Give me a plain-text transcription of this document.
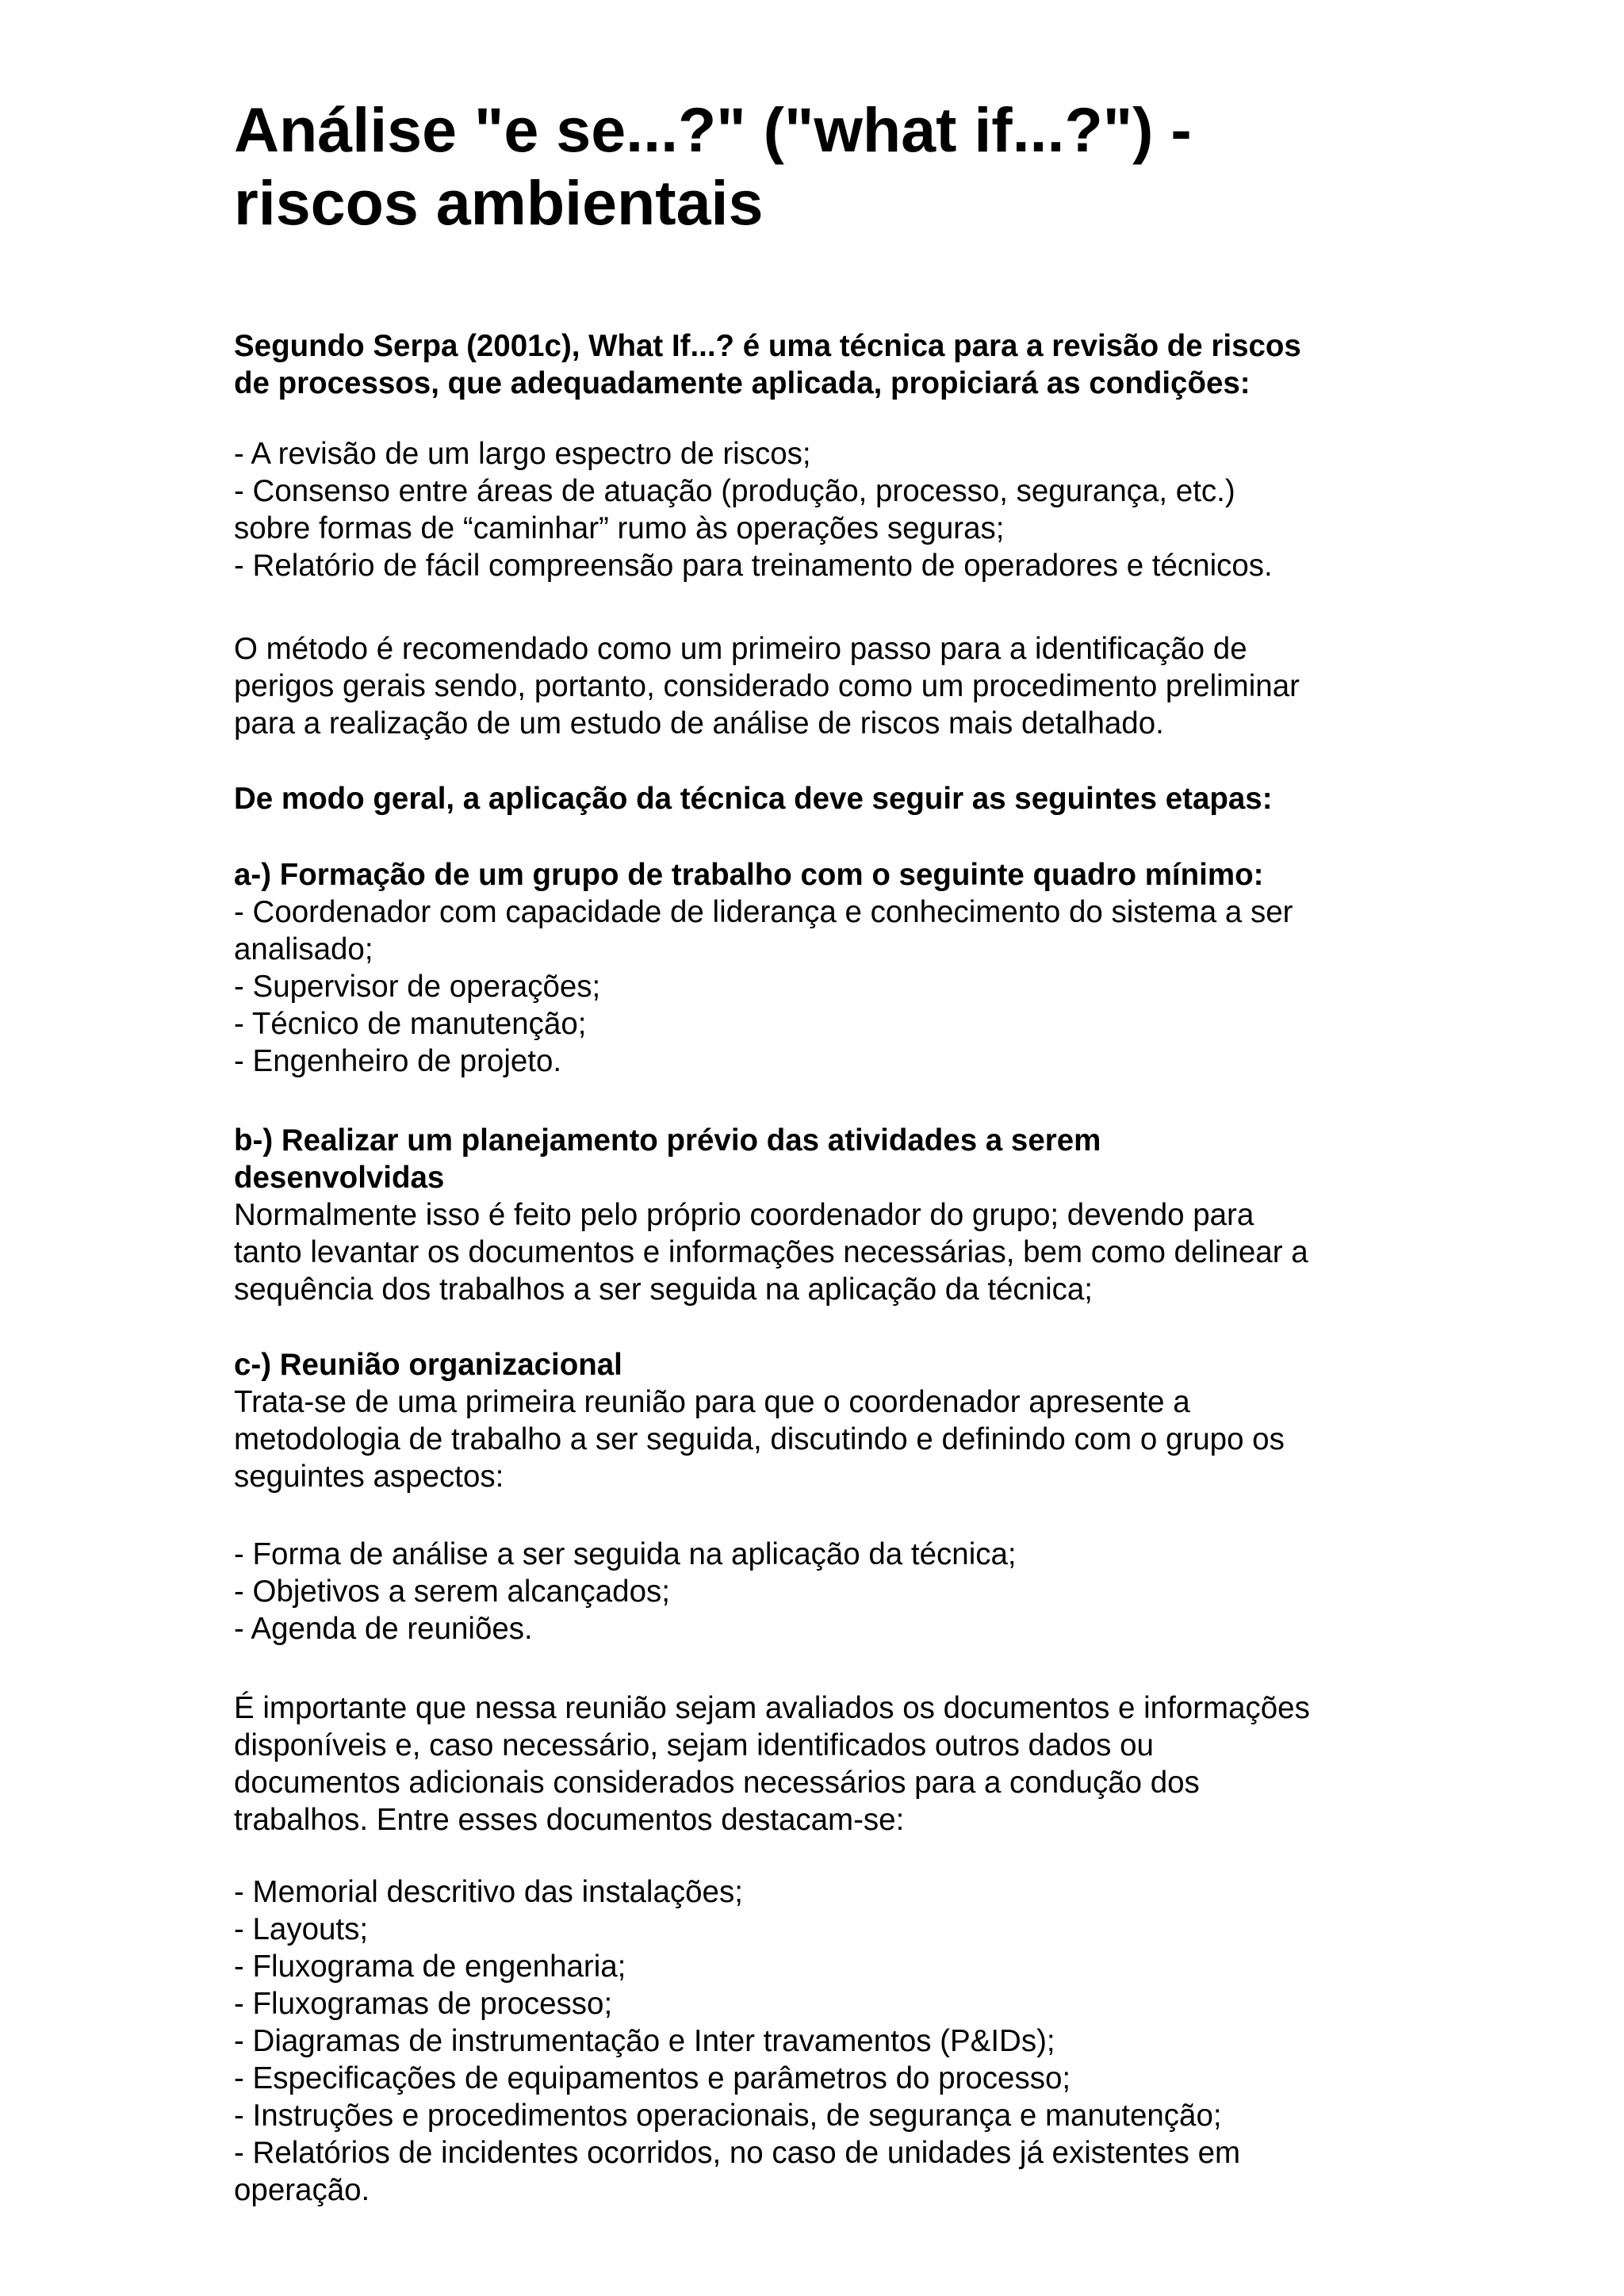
Análise "e se...?" ("what if...?") -
riscos ambientais
Segundo Serpa (2001c), What If...? é uma técnica para a revisão de riscos
de processos, que adequadamente aplicada, propiciará as condições:
- A revisão de um largo espectro de riscos;
- Consenso entre áreas de atuação (produção, processo, segurança, etc.)
sobre formas de “caminhar” rumo às operações seguras;
- Relatório de fácil compreensão para treinamento de operadores e técnicos.
O método é recomendado como um primeiro passo para a identificação de
perigos gerais sendo, portanto, considerado como um procedimento preliminar
para a realização de um estudo de análise de riscos mais detalhado.
De modo geral, a aplicação da técnica deve seguir as seguintes etapas:
a-) Formação de um grupo de trabalho com o seguinte quadro mínimo:
- Coordenador com capacidade de liderança e conhecimento do sistema a ser
analisado;
- Supervisor de operações;
- Técnico de manutenção;
- Engenheiro de projeto.
b-) Realizar um planejamento prévio das atividades a serem
desenvolvidas
Normalmente isso é feito pelo próprio coordenador do grupo; devendo para
tanto levantar os documentos e informações necessárias, bem como delinear a
sequência dos trabalhos a ser seguida na aplicação da técnica;
c-) Reunião organizacional
Trata-se de uma primeira reunião para que o coordenador apresente a
metodologia de trabalho a ser seguida, discutindo e definindo com o grupo os
seguintes aspectos:
- Forma de análise a ser seguida na aplicação da técnica;
- Objetivos a serem alcançados;
- Agenda de reuniões.
É importante que nessa reunião sejam avaliados os documentos e informações
disponíveis e, caso necessário, sejam identificados outros dados ou
documentos adicionais considerados necessários para a condução dos
trabalhos. Entre esses documentos destacam-se:
- Memorial descritivo das instalações;
- Layouts;
- Fluxograma de engenharia;
- Fluxogramas de processo;
- Diagramas de instrumentação e Inter travamentos (P&IDs);
- Especificações de equipamentos e parâmetros do processo;
- Instruções e procedimentos operacionais, de segurança e manutenção;
- Relatórios de incidentes ocorridos, no caso de unidades já existentes em
operação.
